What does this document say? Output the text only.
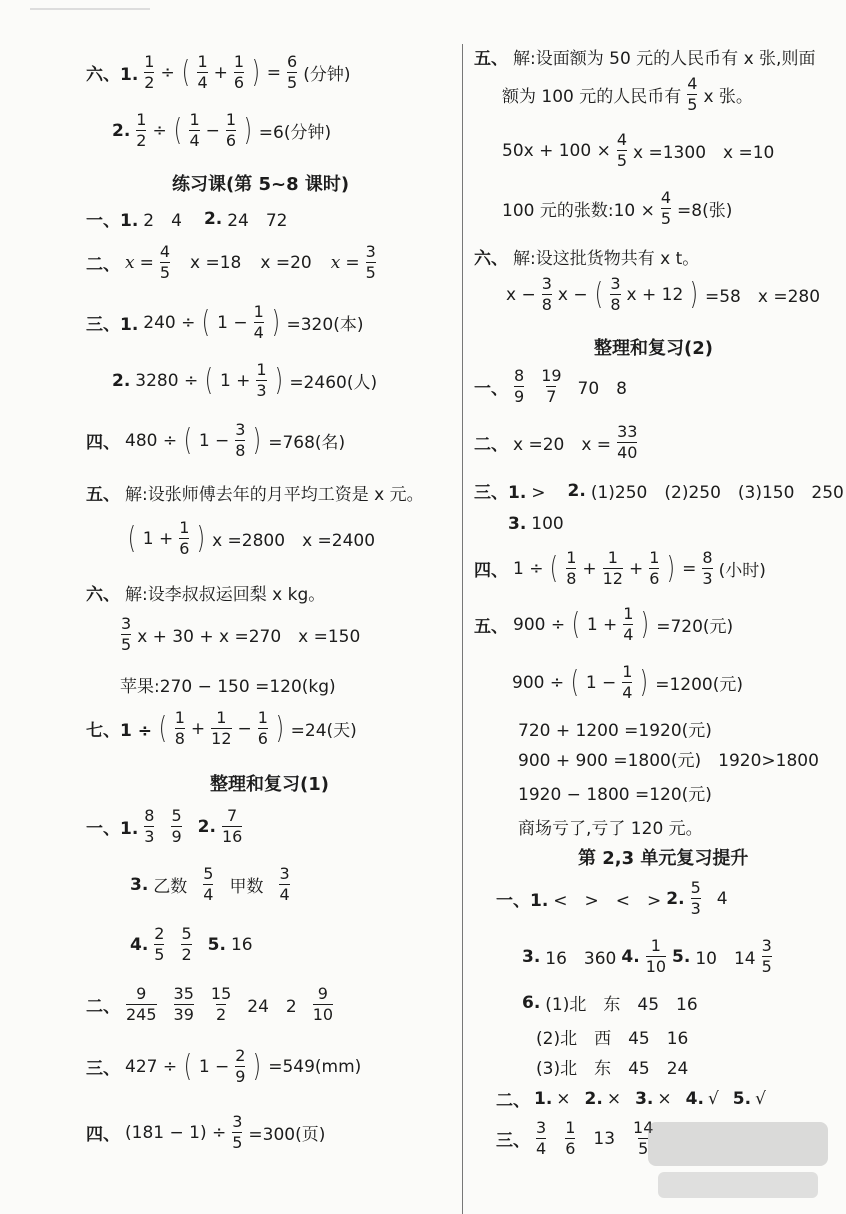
六、1. $\frac{1}{2}$ ÷ ( $\frac{1}{4} + \frac{1}{6}$ ) = $\frac{6}{5}$ (分钟)
2. $\frac{1}{2}$ ÷ ( $\frac{1}{4} - \frac{1}{6}$ ) =6(分钟)
练习课(第 5~8 课时)
一、1. 2　4　 2. 24　72
二、 $x = \frac{4}{5}$ x =18 x =20 $x = \frac{3}{5}$
三、1. 240 ÷ ( $1 - \frac{1}{4}$ ) =320(本)
2. 3280 ÷ ( $1 + \frac{1}{3}$ ) =2460(人)
四、 480 ÷ ( $1 - \frac{3}{8}$ ) =768(名)
五、 解:设张师傅去年的月平均工资是 x 元。
( $1 + \frac{1}{6}$ ) x =2800　x =2400
六、 解:设李叔叔运回梨 x kg。
$\frac{3}{5}$ x + 30 + x =270　x =150
苹果:270 − 150 =120(kg)
七、1 ÷ ( $\frac{1}{8} + \frac{1}{12} - \frac{1}{6}$ ) =24(天)
整理和复习(1)
一、1. $\frac{8}{3} \frac{5}{9} 2$. $\frac{7}{16}$
3. 乙数 $\frac{5}{4}$ 甲数 $\frac{3}{4}$
4. $\frac{2}{5} \frac{5}{2} 5$. 16
二、 $\frac{9}{245} \frac{35}{39} \frac{15}{2} 24$　$2 \frac{9}{10}$
三、 427 ÷ ( $1 - \frac{2}{9}$ ) =549(mm)
四、 $(181 - 1) \div \frac{3}{5} =300$(页)
五、 解:设面额为 50 元的人民币有 x 张,则面
额为 100 元的人民币有 $\frac{4}{5}$ x 张。
$50x + 100 \times \frac{4}{5}$ x =1300　x =10
100 元的张数:10 × $\frac{4}{5} =8$(张)
六、 解:设这批货物共有 x t。
$x - \frac{3}{8}$ x − ( $\frac{3}{8}$ x + 12 ) =58　x =280
整理和复习(2)
一、 $\frac{8}{9} \frac{19}{7} 70$　8
二、 x =20　$x = \frac{33}{40}$
三、1. >　 2. (1)250　(2)250　(3)150　250
3. 100
四、 1 ÷ ( $\frac{1}{8} + \frac{1}{12} + \frac{1}{6}$ ) = $\frac{8}{3}$ (小时)
五、 900 ÷ ( $1 + \frac{1}{4}$ ) =720(元)
900 ÷ ( $1 - \frac{1}{4}$ ) =1200(元)
720 + 1200 =1920(元)
900 + 900 =1800(元)　1920>1800
1920 − 1800 =120(元)
商场亏了,亏了 120 元。
第 2,3 单元复习提升
一、1. <　>　<　> 2. $\frac{5}{3} 4$
3. 16　360 4. $\frac{1}{10} 5$. 10　$14 \frac{3}{5}$
6. (1)北　东　45　16
(2)北　西　45　16
(3)北　东　45　24
二、 1. × 2. × 3. × 4. √ 5. √
三、 $\frac{3}{4} \frac{1}{6} 13 \frac{14}{5}$
